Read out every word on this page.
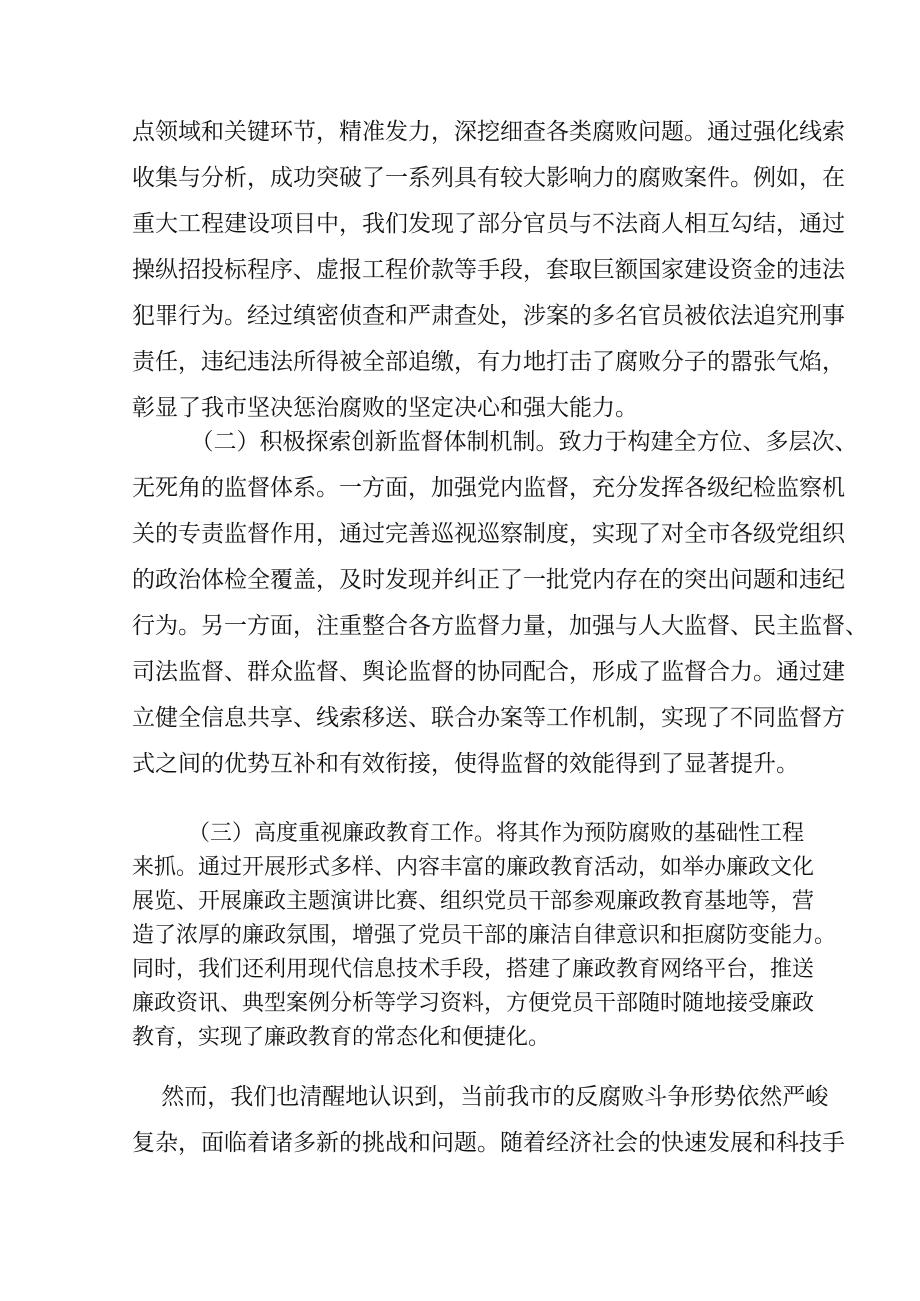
点领域和关键环节，精准发力，深挖细查各类腐败问题。通过强化线索
收集与分析，成功突破了一系列具有较大影响力的腐败案件。例如，在
重大工程建设项目中，我们发现了部分官员与不法商人相互勾结，通过
操纵招投标程序、虚报工程价款等手段，套取巨额国家建设资金的违法
犯罪行为。经过缜密侦查和严肃查处，涉案的多名官员被依法追究刑事
责任，违纪违法所得被全部追缴，有力地打击了腐败分子的嚣张气焰，
彰显了我市坚决惩治腐败的坚定决心和强大能力。
（二）积极探索创新监督体制机制。致力于构建全方位、多层次、
无死角的监督体系。一方面，加强党内监督，充分发挥各级纪检监察机
关的专责监督作用，通过完善巡视巡察制度，实现了对全市各级党组织
的政治体检全覆盖，及时发现并纠正了一批党内存在的突出问题和违纪
行为。另一方面，注重整合各方监督力量，加强与人大监督、民主监督、
司法监督、群众监督、舆论监督的协同配合，形成了监督合力。通过建
立健全信息共享、线索移送、联合办案等工作机制，实现了不同监督方
式之间的优势互补和有效衔接，使得监督的效能得到了显著提升。
（三）高度重视廉政教育工作。将其作为预防腐败的基础性工程
来抓。通过开展形式多样、内容丰富的廉政教育活动，如举办廉政文化
展览、开展廉政主题演讲比赛、组织党员干部参观廉政教育基地等，营
造了浓厚的廉政氛围，增强了党员干部的廉洁自律意识和拒腐防变能力。
同时，我们还利用现代信息技术手段，搭建了廉政教育网络平台，推送
廉政资讯、典型案例分析等学习资料，方便党员干部随时随地接受廉政
教育，实现了廉政教育的常态化和便捷化。
然而，我们也清醒地认识到，当前我市的反腐败斗争形势依然严峻
复杂，面临着诸多新的挑战和问题。随着经济社会的快速发展和科技手
